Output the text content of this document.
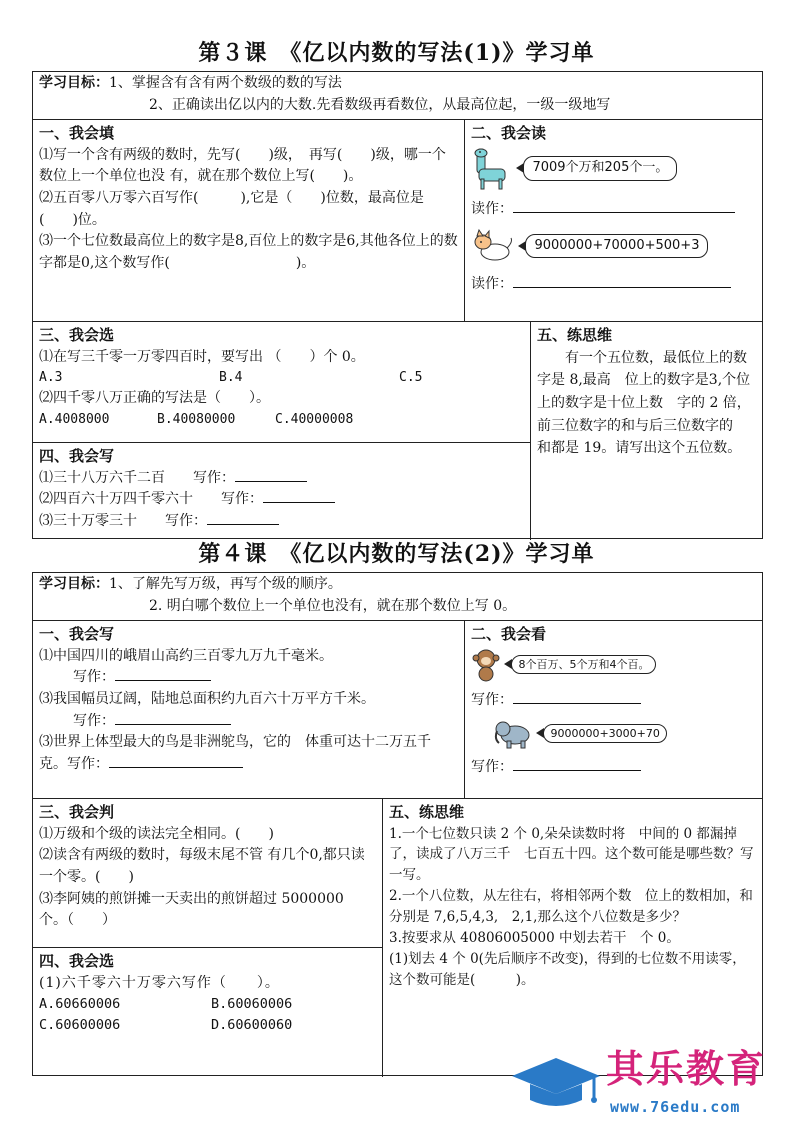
第３课　《亿以内数的写法(1)》学习单
学习目标：1、掌握含有含有两个数级的数的写法
2、正确读出亿以内的大数.先看数级再看数位，从最高位起，一级一级地写
一、我会填

⑴写一个含有两级的数时，先写(　　)级，　再写(　　)级，哪一个数位上一个单位也没 有，就在那个数位上写(　　)。

⑵五百零八万零六百写作(　　　),它是（　　)位数，最高位是(　　)位。

⑶一个七位数最高位上的数字是8,百位上的数字是6,其他各位上的数字都是0,这个数写作(　　　　　　　　　)。

二、我会读
7009个万和205个一。
读作：
9000000+70000+500+3
读作：
三、我会选

⑴在写三千零一万零四百时，要写出 （　　）个 0。

A.3	B.4	C.5

⑵四千零八万正确的写法是（　　）。

A.4008000	B.40080000	C.40000008

四、我会写

⑴三十八万六千二百　　 写作：

⑵四百六十万四千零六十　　 写作：

⑶三十万零三十　　 写作：

五、练思维

有一个五位数，最低位上的数字是 8,最高　位上的数字是3,个位上的数字是十位上数　字的 2 倍，前三位数字的和与后三位数字的　和都是 19。请写出这个五位数。

第４课　《亿以内数的写法(2)》学习单
学习目标：1、了解先写万级，再写个级的顺序。
2. 明白哪个数位上一个单位也没有，就在那个数位上写 0。
一、我会写

⑴中国四川的峨眉山高约三百零九万九千毫米。

写作：

⑶我国幅员辽阔，陆地总面积约九百六十万平方千米。

写作：

⑶世界上体型最大的鸟是非洲鸵鸟，它的　体重可达十二万五千克。写作：

二、我会看
8个百万、5个万和4个百。
写作：
9000000+3000+70
写作：
三、我会判

⑴万级和个级的读法完全相同。(　　)

⑵读含有两级的数时，每级末尾不管 有几个0,都只读一个零。(　　)

⑶李阿姨的煎饼摊一天卖出的煎饼超过 5000000 个。（　　）

四、我会选

(1)六千零六十万零六写作（　　）。

A.60660006	B.60060006

C.60600006	D.60600060

五、练思维

1.一个七位数只读 2 个 0,朵朵读数时将　中间的 0 都漏掉了，读成了八万三千　七百五十四。这个数可能是哪些数？写一写。

2.一个八位数，从左往右，将相邻两个数　位上的数相加，和分别是 7,6,5,4,3,　2,1,那么这个八位数是多少？

3.按要求从 40806005000 中划去若干　个 0。

(1)划去 4 个 0(先后顺序不改变)，得到的七位数不用读零，这个数可能是(　　　)。

其乐教育
www.76edu.com
